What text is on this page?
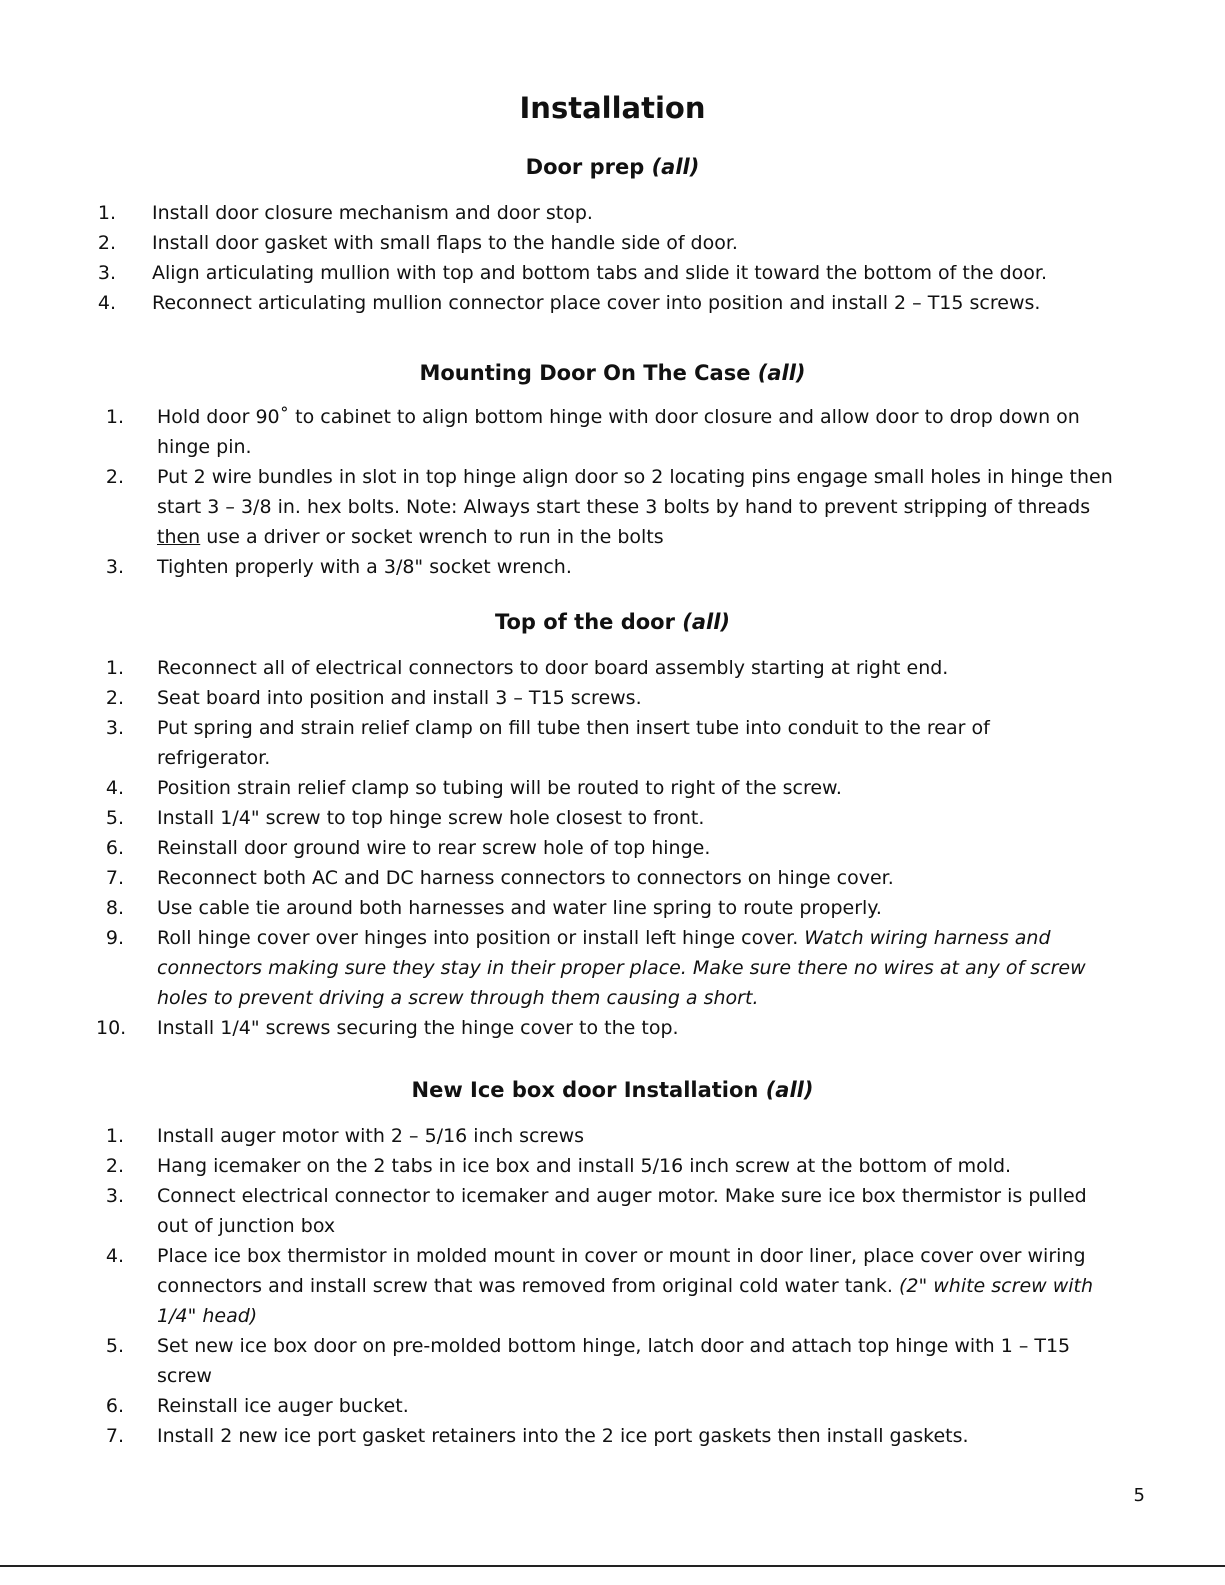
Installation
Door prep (all)
1. Install door closure mechanism and door stop.
2. Install door gasket with small flaps to the handle side of door.
3. Align articulating mullion with top and bottom tabs and slide it toward the bottom of the door.
4. Reconnect articulating mullion connector place cover into position and install 2 – T15 screws.
Mounting Door On The Case (all)
1. Hold door 90˚ to cabinet to align bottom hinge with door closure and allow door to drop down on
hinge pin.
2. Put 2 wire bundles in slot in top hinge align door so 2 locating pins engage small holes in hinge then
start 3 – 3/8 in. hex bolts. Note: Always start these 3 bolts by hand to prevent stripping of threads
then use a driver or socket wrench to run in the bolts
3. Tighten properly with a 3/8" socket wrench.
Top of the door (all)
1. Reconnect all of electrical connectors to door board assembly starting at right end.
2. Seat board into position and install 3 – T15 screws.
3. Put spring and strain relief clamp on fill tube then insert tube into conduit to the rear of
refrigerator.
4. Position strain relief clamp so tubing will be routed to right of the screw.
5. Install 1/4" screw to top hinge screw hole closest to front.
6. Reinstall door ground wire to rear screw hole of top hinge.
7. Reconnect both AC and DC harness connectors to connectors on hinge cover.
8. Use cable tie around both harnesses and water line spring to route properly.
9. Roll hinge cover over hinges into position or install left hinge cover. Watch wiring harness and
connectors making sure they stay in their proper place. Make sure there no wires at any of screw
holes to prevent driving a screw through them causing a short.
10. Install 1/4" screws securing the hinge cover to the top.
New Ice box door Installation (all)
1. Install auger motor with 2 – 5/16 inch screws
2. Hang icemaker on the 2 tabs in ice box and install 5/16 inch screw at the bottom of mold.
3. Connect electrical connector to icemaker and auger motor. Make sure ice box thermistor is pulled
out of junction box
4. Place ice box thermistor in molded mount in cover or mount in door liner, place cover over wiring
connectors and install screw that was removed from original cold water tank. (2" white screw with
1/4" head)
5. Set new ice box door on pre-molded bottom hinge, latch door and attach top hinge with 1 – T15
screw
6. Reinstall ice auger bucket.
7. Install 2 new ice port gasket retainers into the 2 ice port gaskets then install gaskets.
5
